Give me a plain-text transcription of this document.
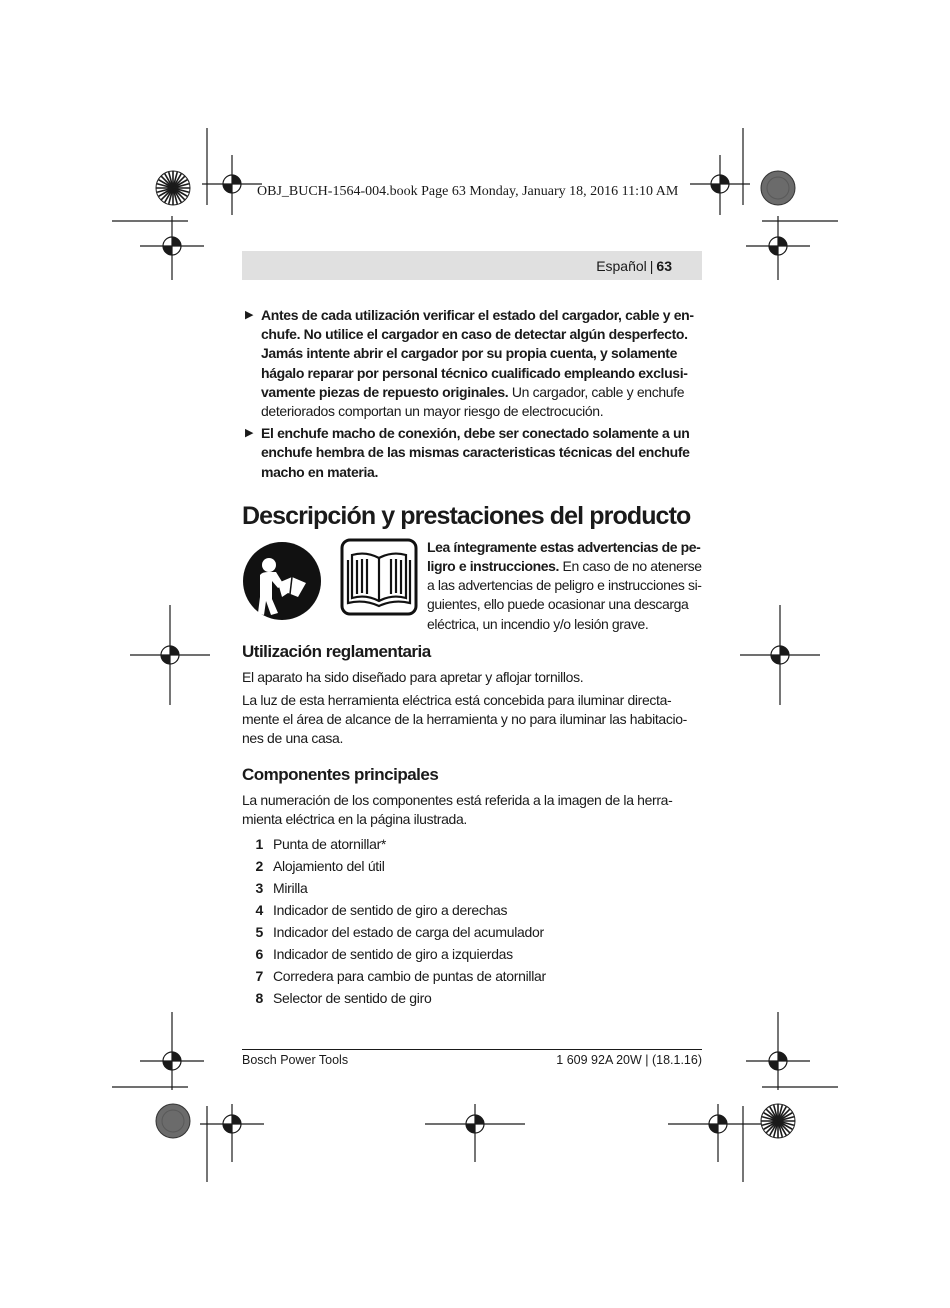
OBJ_BUCH-1564-004.book Page 63 Monday, January 18, 2016 11:10 AM
Español | 63
▶ Antes de cada utilización verificar el estado del cargador, cable y en-chufe. No utilice el cargador en caso de detectar algún desperfecto. Jamás intente abrir el cargador por su propia cuenta, y solamente hágalo reparar por personal técnico cualificado empleando exclusi-vamente piezas de repuesto originales. Un cargador, cable y enchufe deteriorados comportan un mayor riesgo de electrocución.
▶ El enchufe macho de conexión, debe ser conectado solamente a un enchufe hembra de las mismas caracteristicas técnicas del enchufe macho en materia.
Descripción y prestaciones del producto
Lea íntegramente estas advertencias de pe-ligro e instrucciones. En caso de no atenerse a las advertencias de peligro e instrucciones si-guientes, ello puede ocasionar una descarga eléctrica, un incendio y/o lesión grave.
Utilización reglamentaria
El aparato ha sido diseñado para apretar y aflojar tornillos.
La luz de esta herramienta eléctrica está concebida para iluminar directa-mente el área de alcance de la herramienta y no para iluminar las habitacio-nes de una casa.
Componentes principales
La numeración de los componentes está referida a la imagen de la herra-mienta eléctrica en la página ilustrada.
1 Punta de atornillar*
2 Alojamiento del útil
3 Mirilla
4 Indicador de sentido de giro a derechas
5 Indicador del estado de carga del acumulador
6 Indicador de sentido de giro a izquierdas
7 Corredera para cambio de puntas de atornillar
8 Selector de sentido de giro
Bosch Power Tools	1 609 92A 20W | (18.1.16)
